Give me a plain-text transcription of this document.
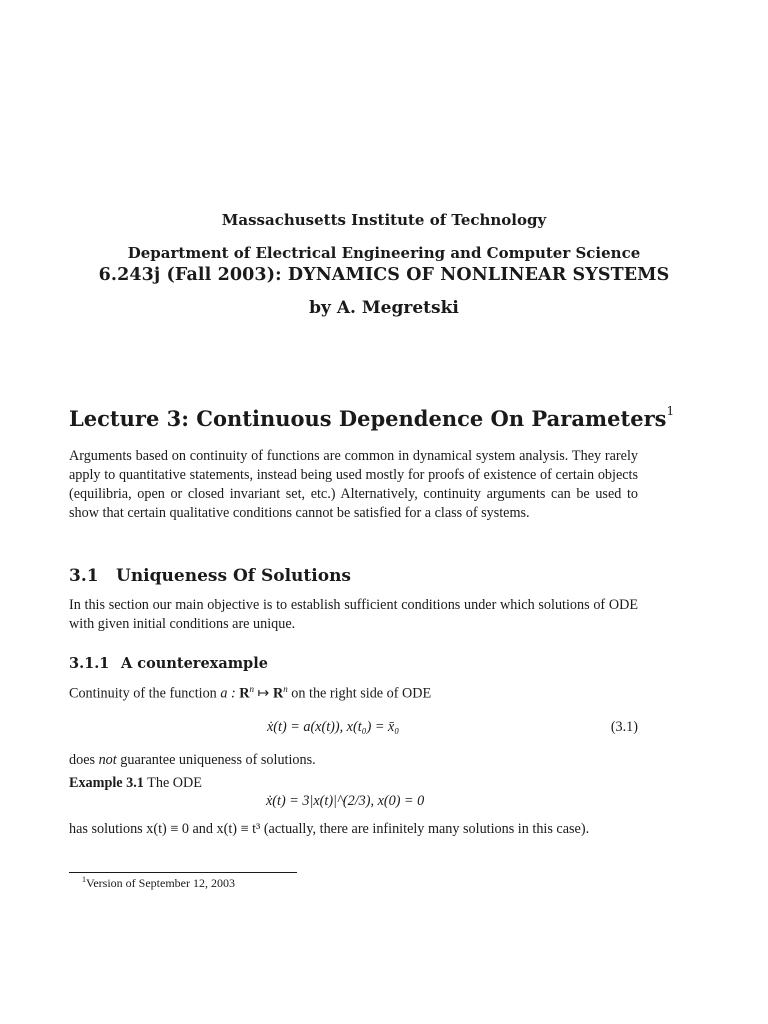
Massachusetts Institute of Technology
Department of Electrical Engineering and Computer Science
6.243j (Fall 2003): DYNAMICS OF NONLINEAR SYSTEMS
by A. Megretski
Lecture 3: Continuous Dependence On Parameters$^1$
Arguments based on continuity of functions are common in dynamical system analysis. They rarely apply to quantitative statements, instead being used mostly for proofs of existence of certain objects (equilibria, open or closed invariant set, etc.) Alternatively, continuity arguments can be used to show that certain qualitative conditions cannot be satisfied for a class of systems.
3.1 Uniqueness Of Solutions
In this section our main objective is to establish sufficient conditions under which solutions of ODE with given initial conditions are unique.
3.1.1 A counterexample
Continuity of the function a : $R^n$ ↦ $R^n$ on the right side of ODE
ẋ(t) = a(x(t)), x(t₀) = x̄₀	(3.1)
does not guarantee uniqueness of solutions.
Example 3.1 The ODE
ẋ(t) = 3|x(t)|^(2/3), x(0) = 0
has solutions x(t) ≡ 0 and x(t) ≡ t³ (actually, there are infinitely many solutions in this case).
$^1$Version of September 12, 2003
